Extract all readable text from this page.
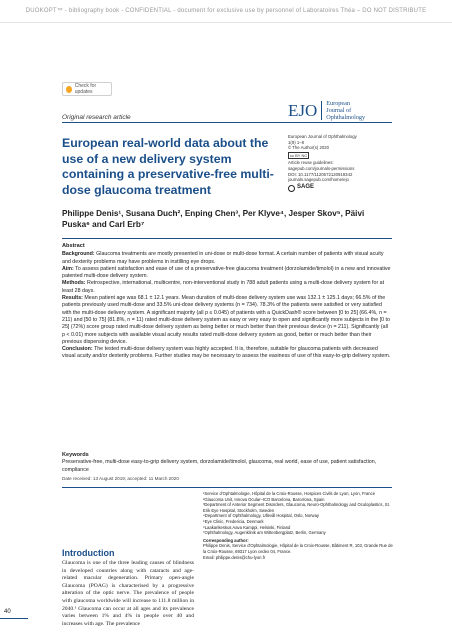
DUOKOPT™ - bibliography book - CONFIDENTIAL - document for exclusive use by personnel of Laboratoires Théa – DO NOT DISTRIBUTE
Check for updates
Original research article
European real-world data about the use of a new delivery system containing a preservative-free multi-dose glaucoma treatment
EJO	European
Journal of
Ophthalmology
European Journal of Ophthalmology
1(9) 1–8
© The Author(s) 2020
cc BY NC
Article reuse guidelines:
sagepub.com/journals-permissions
DOI: 10.1177/1120672120919342
journals.sagepub.com/home/ejo
SAGE
Philippe Denis¹, Susana Duch², Enping Chen³, Per Klyve⁴, Jesper Skov⁵, Päivi Puska⁶ and Carl Erb⁷
Abstract

Background: Glaucoma treatments are mostly presented in uni-dose or multi-dose format. A certain number of patients with visual acuity and dexterity problems may have problems in instilling eye drops.

Aim: To assess patient satisfaction and ease of use of a preservative-free glaucoma treatment (dorzolamide/timolol) in a new and innovative patented multi-dose delivery system.

Methods: Retrospective, international, multicentre, non-interventional study in 788 adult patients using a multi-dose delivery system for at least 28 days.

Results: Mean patient age was 68.1 ± 12.1 years. Mean duration of multi-dose delivery system use was 132.1 ± 125.1 days; 66.5% of the patients previously used multi-dose and 33.5% uni-dose delivery systems (n = 734). 78.3% of the patients were satisfied or very satisfied with the multi-dose delivery system. A significant majority (all p ≤ 0.045) of patients with a QuickDash® score between [0 to 25] (66.4%, n = 211) and [50 to 75] (81.8%, n = 11) rated multi-dose delivery system as easy or very easy to open and significantly more subjects in the [0 to 25] (72%) score group rated multi-dose delivery system as being better or much better than their previous device (n = 211). Significantly (all p < 0.01) more subjects with available visual acuity results rated multi-dose delivery system as good, better or much better than their previous dispensing device.

Conclusion: The tested multi-dose delivery system was highly accepted. It is, therefore, suitable for glaucoma patients with decreased visual acuity and/or dexterity problems. Further studies may be necessary to assess the easiness of use of this easy-to-grip delivery system.

Keywords
Preservative-free, multi-dose easy-to-grip delivery system, dorzolamide/timolol, glaucoma, real world, ease of use, patient satisfaction, compliance
Date received: 13 August 2019; accepted: 11 March 2020
Introduction
Glaucoma is one of the three leading causes of blindness in developed countries along with cataracts and age-related macular degeneration. Primary open-angle Glaucoma (POAG) is characterised by a progressive alteration of the optic nerve. The prevalence of people with glaucoma worldwide will increase to 111.8 million in 2040.¹ Glaucoma can occur at all ages and its prevalence varies between 1% and 4% in people over 40 and increases with age. The prevalence

¹Service d'Ophtalmologie, Hôpital de la Croix-Rousse, Hospices Civils de Lyon, Lyon, France

²Glaucoma Unit, Innova Ocular–ICO Barcelona, Barcelona, Spain

³Department of Anterior Segment Disorders, Glaucoma, Neuro-Ophthalmology and Oculoplastics, St. Erik Eye Hospital, Stockholm, Sweden

⁴Department of Ophthalmology, Ullevål Hospital, Oslo, Norway

⁵Eye Clinic, Fredericia, Denmark

⁶Laakarikeskus Aava Kamppi, Helsinki, Finland

⁷Ophthalmology, Augenklinik am Wittenbergplatz, Berlin, Germany

Corresponding author:

Philippe Denis, Service d'Ophtalmologie, Hôpital de la Croix-Rousse, Bâtiment R, 103, Grande Rue de la Croix-Rousse, 69317 Lyon cedex 04, France.

Email: philippe.denis@chu-lyon.fr

40
